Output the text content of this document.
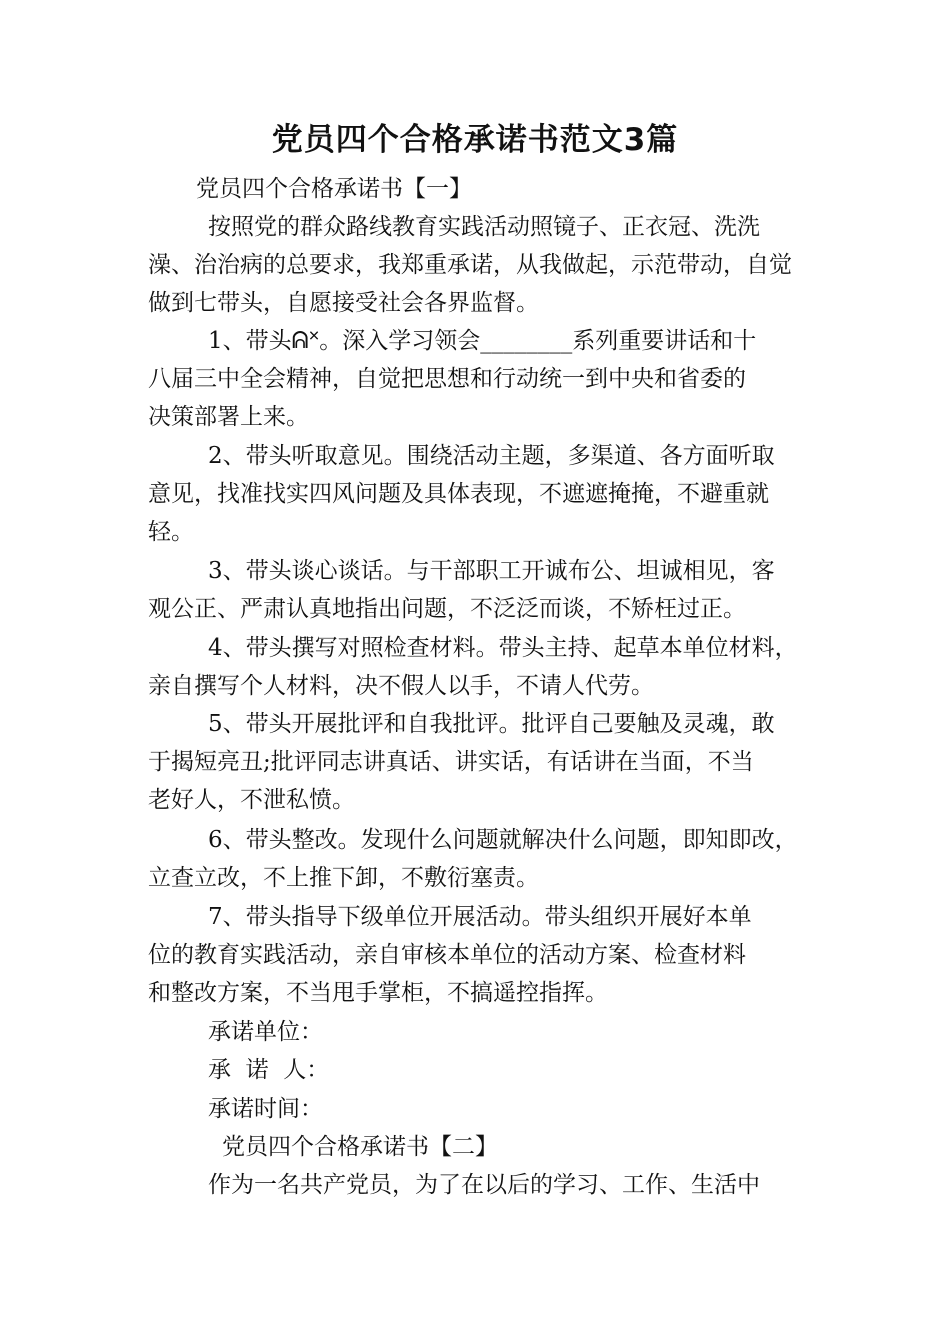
党员四个合格承诺书范文3篇
党员四个合格承诺书【一】
按照党的群众路线教育实践活动照镜子、正衣冠、洗洗
澡、治治病的总要求，我郑重承诺，从我做起，示范带动，自觉
做到七带头，自愿接受社会各界监督。
1、带头ᕱᕁ。深入学习领会________系列重要讲话和十
八届三中全会精神，自觉把思想和行动统一到中央和省委的
决策部署上来。
2、带头听取意见。围绕活动主题，多渠道、各方面听取
意见，找准找实四风问题及具体表现，不遮遮掩掩，不避重就
轻。
3、带头谈心谈话。与干部职工开诚布公、坦诚相见，客
观公正、严肃认真地指出问题，不泛泛而谈，不矫枉过正。
4、带头撰写对照检查材料。带头主持、起草本单位材料，
亲自撰写个人材料，决不假人以手，不请人代劳。
5、带头开展批评和自我批评。批评自己要触及灵魂，敢
于揭短亮丑;批评同志讲真话、讲实话，有话讲在当面，不当
老好人，不泄私愤。
6、带头整改。发现什么问题就解决什么问题，即知即改，
立查立改，不上推下卸，不敷衍塞责。
7、带头指导下级单位开展活动。带头组织开展好本单
位的教育实践活动，亲自审核本单位的活动方案、检查材料
和整改方案，不当甩手掌柜，不搞遥控指挥。
承诺单位：
承  诺  人：
承诺时间：
党员四个合格承诺书【二】
作为一名共产党员，为了在以后的学习、工作、生活中
